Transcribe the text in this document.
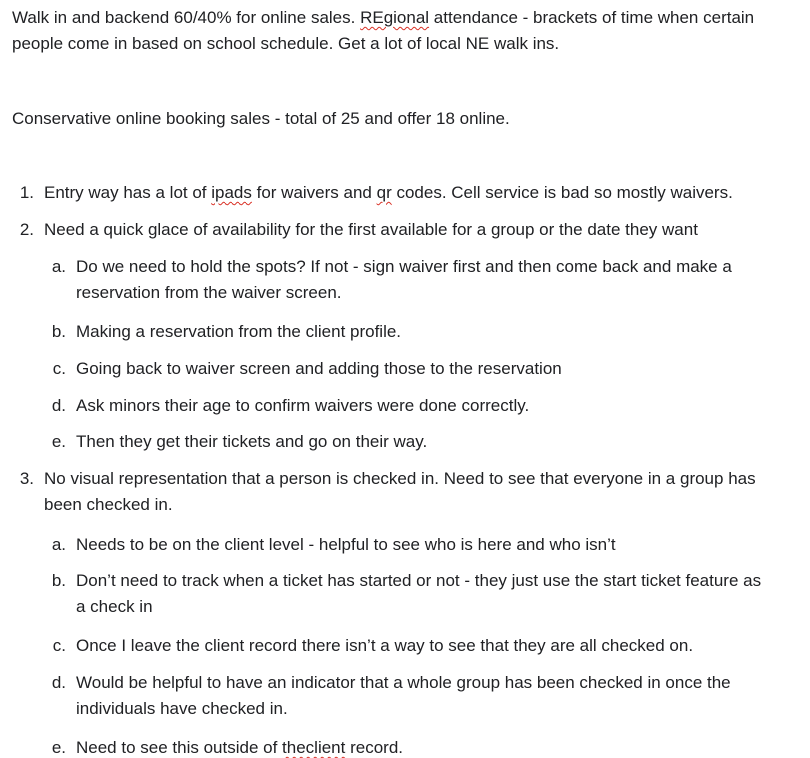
Walk in and backend 60/40% for online sales. REgional attendance - brackets of time when certain
people come in based on school schedule. Get a lot of local NE walk ins.
Conservative online booking sales - total of 25 and offer 18 online.
1. Entry way has a lot of ipads for waivers and qr codes. Cell service is bad so mostly waivers.
2. Need a quick glace of availability for the first available for a group or the date they want
a. Do we need to hold the spots? If not - sign waiver first and then come back and make a
reservation from the waiver screen.
b. Making a reservation from the client profile.
c. Going back to waiver screen and adding those to the reservation
d. Ask minors their age to confirm waivers were done correctly.
e. Then they get their tickets and go on their way.
3. No visual representation that a person is checked in. Need to see that everyone in a group has
been checked in.
a. Needs to be on the client level - helpful to see who is here and who isn’t
b. Don’t need to track when a ticket has started or not - they just use the start ticket feature as
a check in
c. Once I leave the client record there isn’t a way to see that they are all checked on.
d. Would be helpful to have an indicator that a whole group has been checked in once the
individuals have checked in.
e. Need to see this outside of theclient record.
